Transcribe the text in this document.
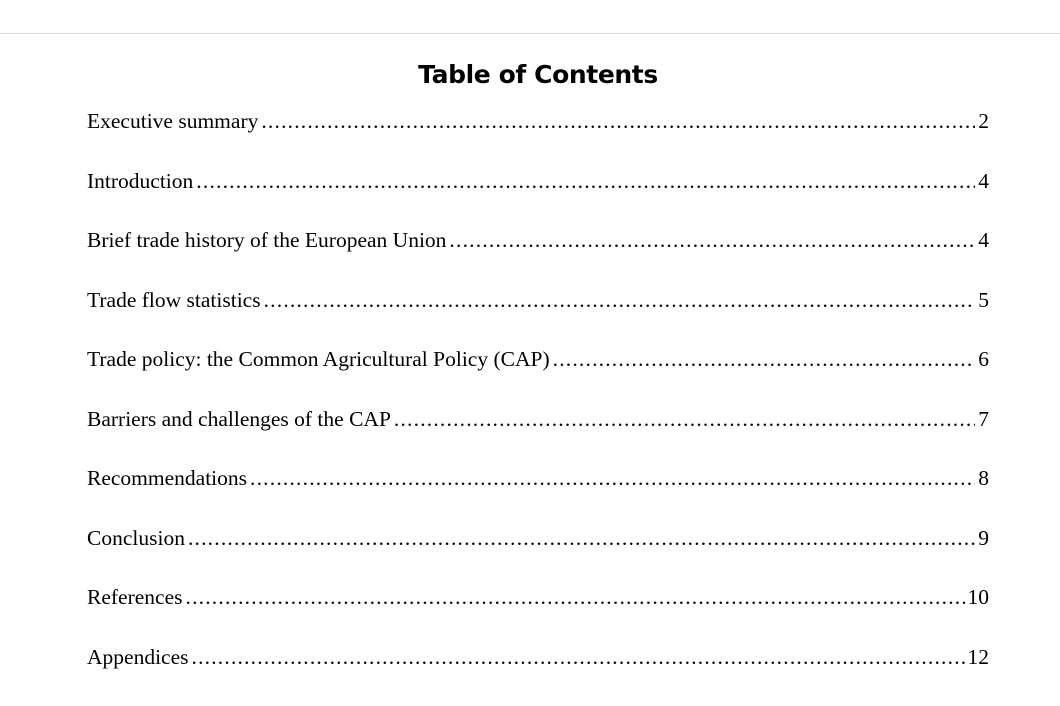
Table of Contents
Executive summary .....	2
Introduction .....	4
Brief trade history of the European Union .....	4
Trade flow statistics .....	5
Trade policy: the Common Agricultural Policy (CAP) .....	6
Barriers and challenges of the CAP .....	7
Recommendations .....	8
Conclusion .....	9
References .....	10
Appendices .....	12
